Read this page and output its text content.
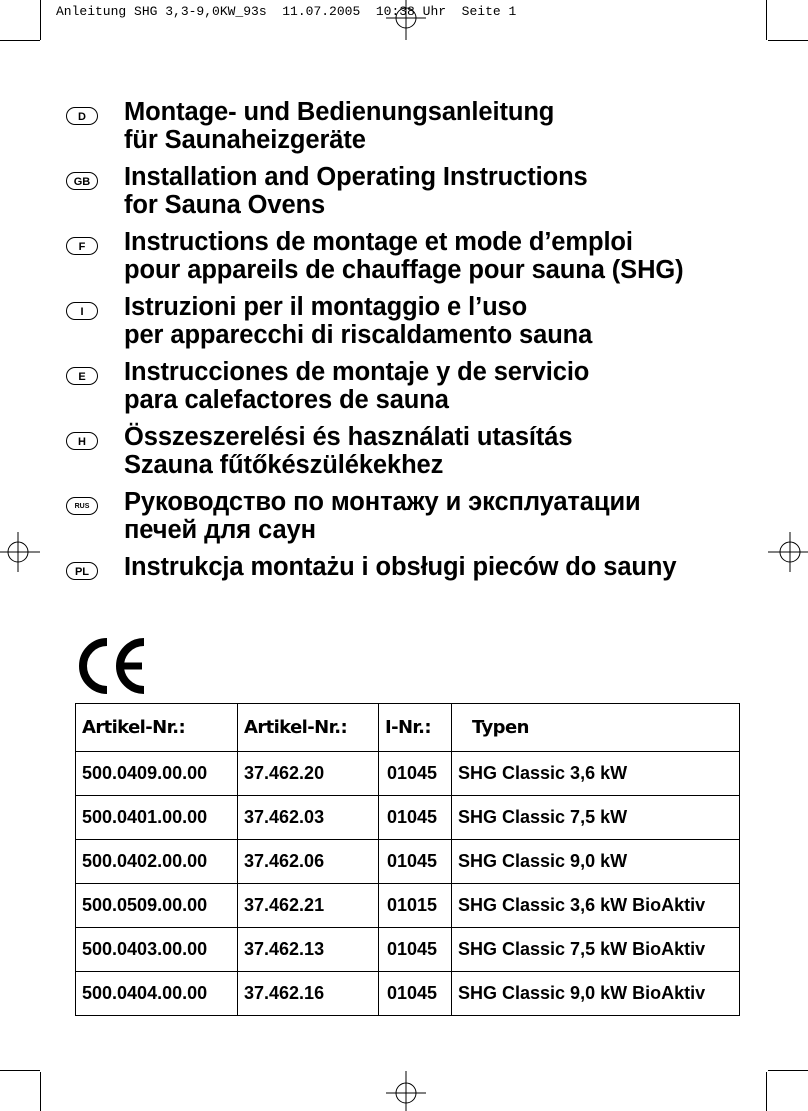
Anleitung SHG 3,3-9,0KW_93s  11.07.2005  10:38 Uhr  Seite 1
D	Montage- und Bedienungsanleitung
für Saunaheizgeräte
GB	Installation and Operating Instructions
for Sauna Ovens
F	Instructions de montage et mode d’emploi
pour appareils de chauffage pour sauna (SHG)
I	Istruzioni per il montaggio e l’uso
per apparecchi di riscaldamento sauna
E	Instrucciones de montaje y de servicio
para calefactores de sauna
H	Összeszerelési és használati utasítás
Szauna fűtőkészülékekhez
RUS	Руководство по монтажу и эксплуатации
печей для саун
PL	Instrukcja montażu i obsługi pieców do sauny
Artikel-Nr.:	Artikel-Nr.:	I-Nr.:	Typen
500.0409.00.00	37.462.20	01045	SHG Classic 3,6 kW
500.0401.00.00	37.462.03	01045	SHG Classic 7,5 kW
500.0402.00.00	37.462.06	01045	SHG Classic 9,0 kW
500.0509.00.00	37.462.21	01015	SHG Classic 3,6 kW BioAktiv
500.0403.00.00	37.462.13	01045	SHG Classic 7,5 kW BioAktiv
500.0404.00.00	37.462.16	01045	SHG Classic 9,0 kW BioAktiv
